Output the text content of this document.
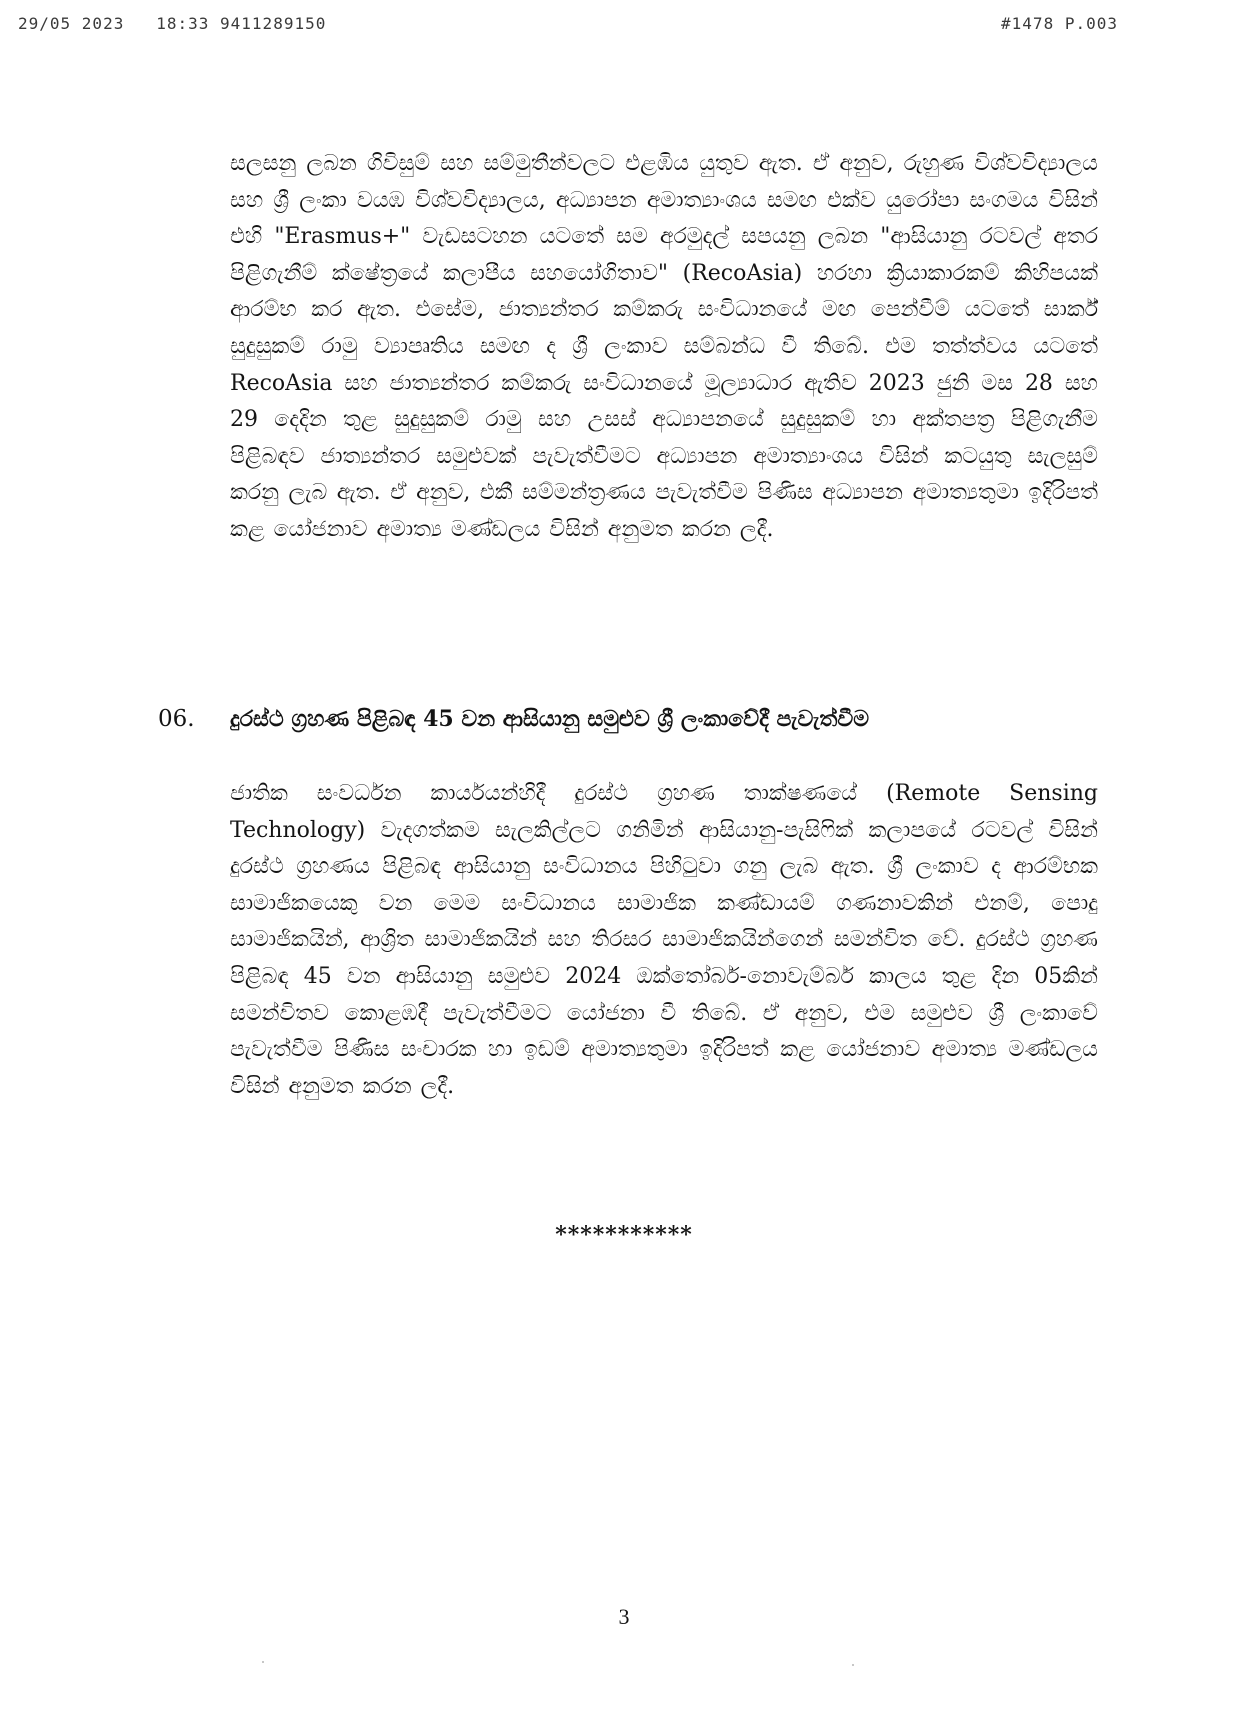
29/05 2023   18:33 9411289150	#1478 P.003
සලසනු ලබන ගිවිසුම් සහ සම්මුතීන්වලට එළඹිය යුතුව ඇත. ඒ අනුව, රුහුණ විශ්වවිද්‍යාලය සහ ශ්‍රී ලංකා වයඹ විශ්වවිද්‍යාලය, අධ්‍යාපන අමාත්‍යාංශය සමඟ එක්ව යුරෝපා සංගමය විසින් එහි "Erasmus+" වැඩසටහන යටතේ සම අරමුදල් සපයනු ලබන "ආසියානු රටවල් අතර පිළිගැනීම් ක්ෂේත්‍රයේ කලාපීය සහයෝගිතාව" (RecoAsia) හරහා ක්‍රියාකාරකම් කිහිපයක් ආරම්භ කර ඇත. එසේම, ජාත්‍යන්තර කම්කරු සංවිධානයේ මඟ පෙන්වීම් යටතේ සාර්ක් සුදුසුකම් රාමු ව්‍යාපෘතිය සමඟ ද ශ්‍රී ලංකාව සම්බන්ධ වී තිබේ. එම තත්ත්වය යටතේ RecoAsia සහ ජාත්‍යන්තර කම්කරු සංවිධානයේ මූල්‍යාධාර ඇතිව 2023 ජුනි මස 28 සහ 29 දෙදින තුළ සුදුසුකම් රාමු සහ උසස් අධ්‍යාපනයේ සුදුසුකම් හා අක්තපත්‍ර පිළිගැනීම පිළිබඳව ජාත්‍යන්තර සමුළුවක් පැවැත්වීමට අධ්‍යාපන අමාත්‍යාංශය විසින් කටයුතු සැලසුම් කරනු ලැබ ඇත. ඒ අනුව, එකී සම්මන්ත්‍රණය පැවැත්වීම පිණිස අධ්‍යාපන අමාත්‍යතුමා ඉදිරිපත් කළ යෝජනාව අමාත්‍ය මණ්ඩලය විසින් අනුමත කරන ලදී.
06. දුරස්ථ ග්‍රහණ පිළිබඳ 45 වන ආසියානු සමුළුව ශ්‍රී ලංකාවේදී පැවැත්වීම
ජාතික සංවර්ධන කාර්යයන්හිදී දුරස්ථ ග්‍රහණ තාක්ෂණයේ (Remote Sensing Technology) වැදගත්කම සැලකිල්ලට ගනිමින් ආසියානු-පැසිෆික් කලාපයේ රටවල් විසින් දුරස්ථ ග්‍රහණය පිළිබඳ ආසියානු සංවිධානය පිහිටුවා ගනු ලැබ ඇත. ශ්‍රී ලංකාව ද ආරම්භක සාමාජිකයෙකු වන මෙම සංවිධානය සාමාජික කණ්ඩායම් ගණනාවකින් එනම්, පොදු සාමාජිකයින්, ආශ්‍රිත සාමාජිකයින් සහ තිරසර සාමාජිකයින්ගෙන් සමන්විත වේ. දුරස්ථ ග්‍රහණ පිළිබඳ 45 වන ආසියානු සමුළුව 2024 ඔක්තෝබර්-නොවැම්බර් කාලය තුළ දින 05කින් සමන්විතව කොළඹදී පැවැත්වීමට යෝජනා වී තිබේ. ඒ අනුව, එම සමුළුව ශ්‍රී ලංකාවේ පැවැත්වීම පිණිස සංචාරක හා ඉඩම් අමාත්‍යතුමා ඉදිරිපත් කළ යෝජනාව අමාත්‍ය මණ්ඩලය විසින් අනුමත කරන ලදී.
***********
3
